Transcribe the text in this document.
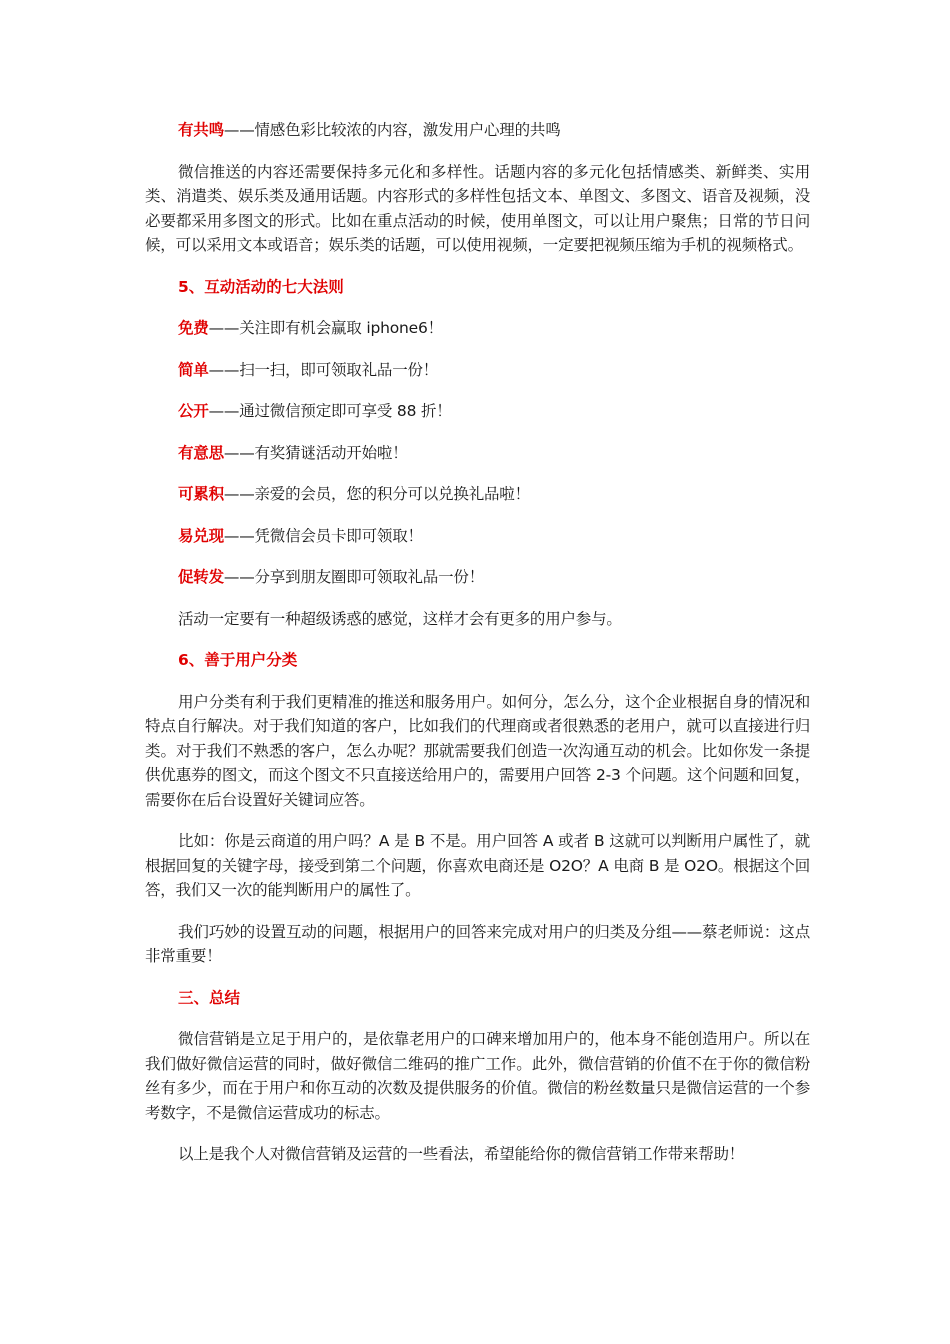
有共鸣——情感色彩比较浓的内容，激发用户心理的共鸣

微信推送的内容还需要保持多元化和多样性。话题内容的多元化包括情感类、新鲜类、实用类、消遣类、娱乐类及通用话题。内容形式的多样性包括文本、单图文、多图文、语音及视频，没必要都采用多图文的形式。比如在重点活动的时候，使用单图文，可以让用户聚焦；日常的节日问候，可以采用文本或语音；娱乐类的话题，可以使用视频，一定要把视频压缩为手机的视频格式。

5、互动活动的七大法则
免费——关注即有机会赢取 iphone6！
简单——扫一扫，即可领取礼品一份！
公开——通过微信预定即可享受 88 折！
有意思——有奖猜谜活动开始啦！
可累积——亲爱的会员，您的积分可以兑换礼品啦！
易兑现——凭微信会员卡即可领取！
促转发——分享到朋友圈即可领取礼品一份！

活动一定要有一种超级诱惑的感觉，这样才会有更多的用户参与。

6、善于用户分类

用户分类有利于我们更精准的推送和服务用户。如何分，怎么分，这个企业根据自身的情况和特点自行解决。对于我们知道的客户，比如我们的代理商或者很熟悉的老用户，就可以直接进行归类。对于我们不熟悉的客户，怎么办呢？那就需要我们创造一次沟通互动的机会。比如你发一条提供优惠券的图文，而这个图文不只直接送给用户的，需要用户回答 2-3 个问题。这个问题和回复，需要你在后台设置好关键词应答。

比如：你是云商道的用户吗？A 是 B 不是。用户回答 A 或者 B 这就可以判断用户属性了，就根据回复的关键字母，接受到第二个问题，你喜欢电商还是 O2O？A 电商 B 是 O2O。根据这个回答，我们又一次的能判断用户的属性了。

我们巧妙的设置互动的问题，根据用户的回答来完成对用户的归类及分组——蔡老师说：这点非常重要！

三、总结

微信营销是立足于用户的，是依靠老用户的口碑来增加用户的，他本身不能创造用户。所以在我们做好微信运营的同时，做好微信二维码的推广工作。此外，微信营销的价值不在于你的微信粉丝有多少，而在于用户和你互动的次数及提供服务的价值。微信的粉丝数量只是微信运营的一个参考数字，不是微信运营成功的标志。

以上是我个人对微信营销及运营的一些看法，希望能给你的微信营销工作带来帮助！
